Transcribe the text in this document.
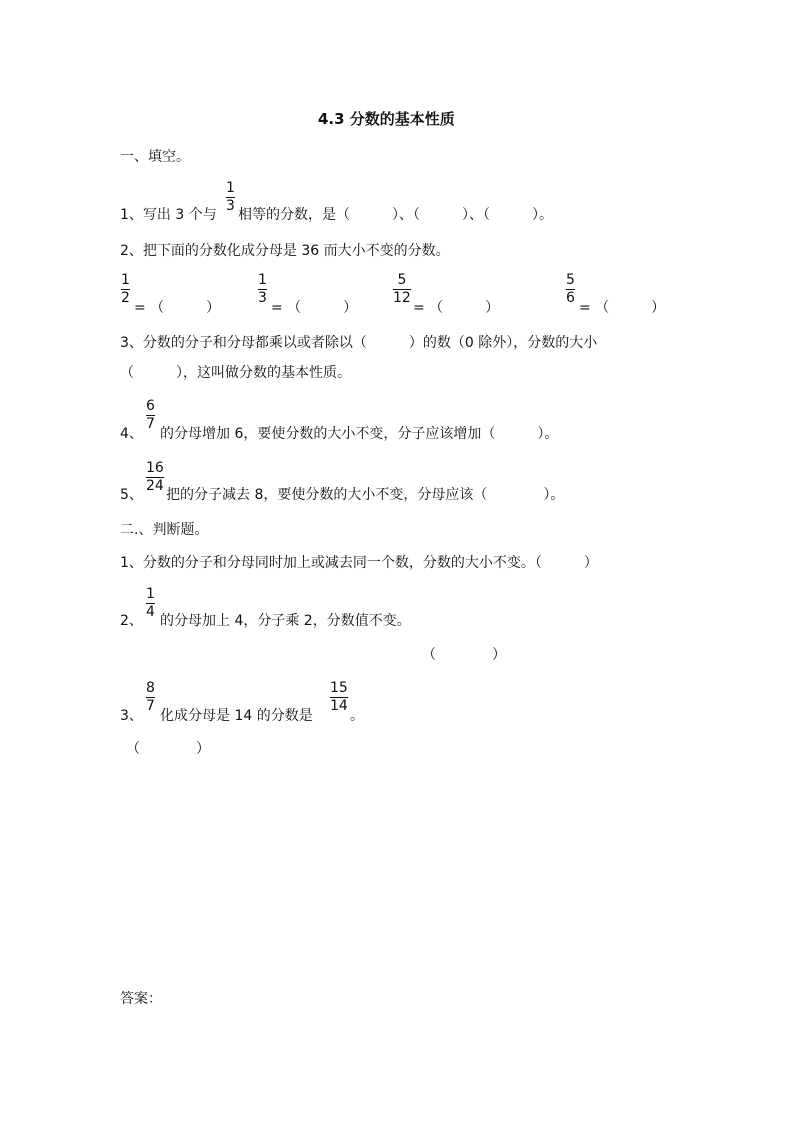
4.3 分数的基本性质
一、填空。
1、写出 3 个与 $\frac{1}{3}$ 相等的分数，是（　　　）、（　　　）、（　　　）。
2、把下面的分数化成分母是 36 而大小不变的分数。
$\frac{1}{2}$
= （　　　）
$\frac{1}{3}$
= （　　　）
$\frac{5}{12}$
= （　　　）
$\frac{5}{6}$
= （　　　）
3、分数的分子和分母都乘以或者除以（　　　）的数（0 除外），分数的大小
（　　　），这叫做分数的基本性质。
4、
$\frac{6}{7}$
的分母增加 6，要使分数的大小不变，分子应该增加（　　　）。
5、 $\frac{16}{24}$ 把的分子减去 8，要使分数的大小不变，分母应该（　　　　）。
二.、判断题。
1、分数的分子和分母同时加上或减去同一个数，分数的大小不变。（　　　）
2、 $\frac{1}{4}$ 的分母加上 4，分子乘 2，分数值不变。
（　　　　）
3、
$\frac{8}{7}$
化成分母是 14 的分数是
$\frac{15}{14}$
。
（　　　　）
答案：
